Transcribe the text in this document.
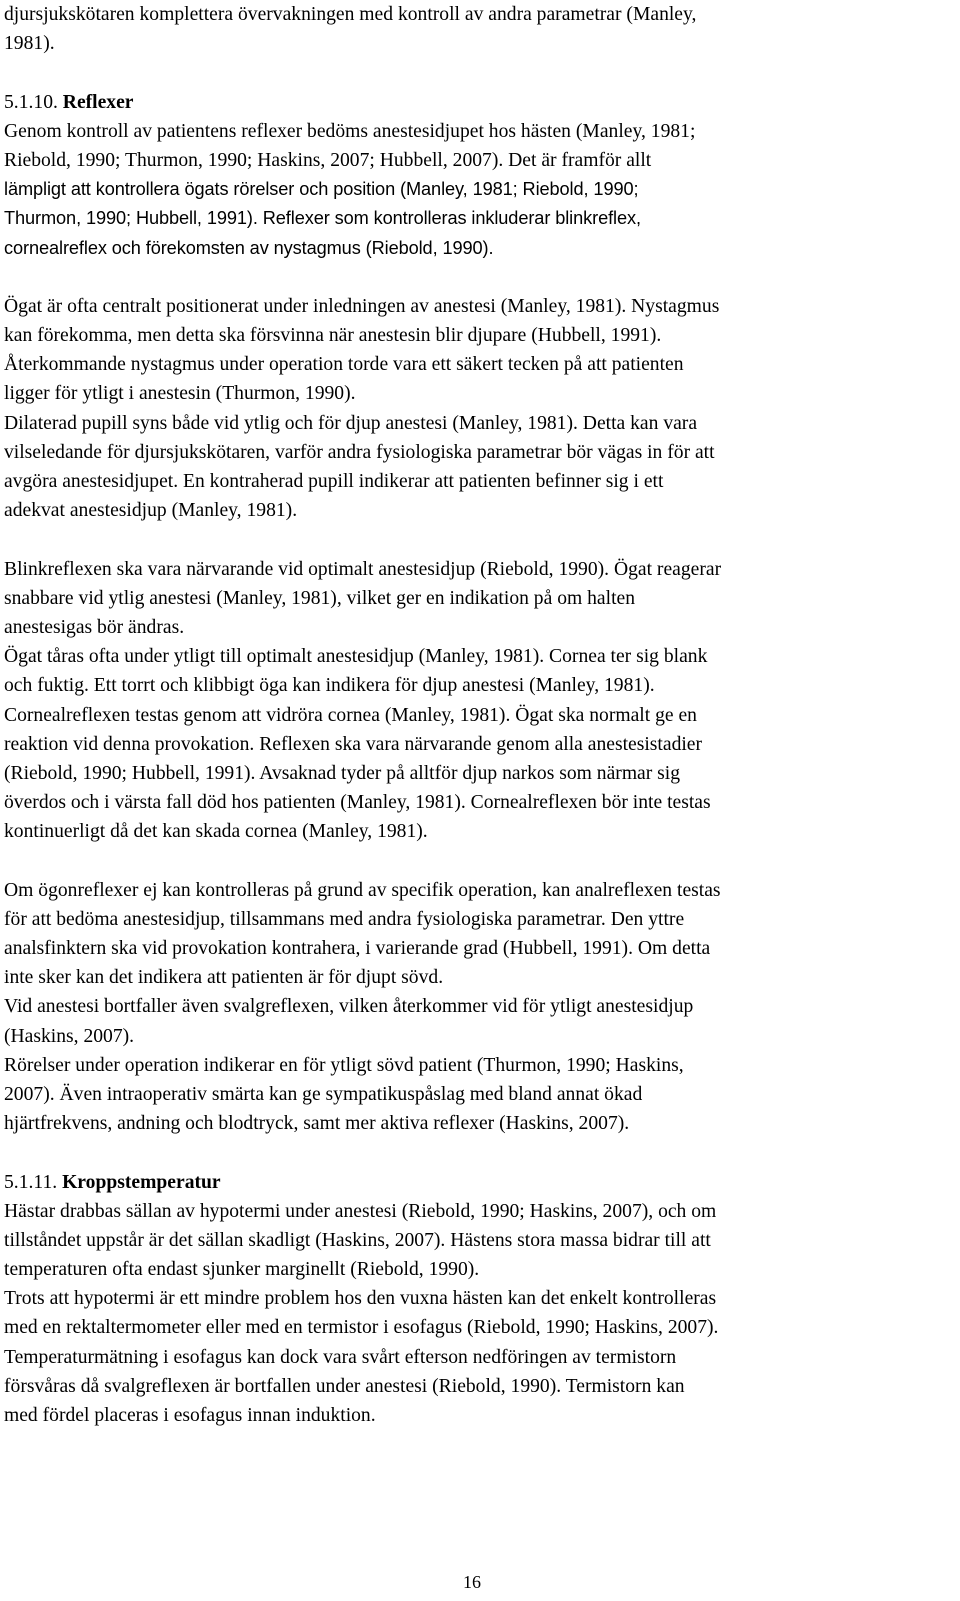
djursjukskötaren komplettera övervakningen med kontroll av andra parametrar (Manley,
1981).
5.1.10. Reflexer
Genom kontroll av patientens reflexer bedöms anestesidjupet hos hästen (Manley, 1981;
Riebold, 1990; Thurmon, 1990; Haskins, 2007; Hubbell, 2007). Det är framför allt
lämpligt att kontrollera ögats rörelser och position (Manley, 1981; Riebold, 1990;
Thurmon, 1990; Hubbell, 1991). Reflexer som kontrolleras inkluderar blinkreflex,
cornealreflex och förekomsten av nystagmus (Riebold, 1990).
Ögat är ofta centralt positionerat under inledningen av anestesi (Manley, 1981). Nystagmus
kan förekomma, men detta ska försvinna när anestesin blir djupare (Hubbell, 1991).
Återkommande nystagmus under operation torde vara ett säkert tecken på att patienten
ligger för ytligt i anestesin (Thurmon, 1990).
Dilaterad pupill syns både vid ytlig och för djup anestesi (Manley, 1981). Detta kan vara
vilseledande för djursjukskötaren, varför andra fysiologiska parametrar bör vägas in för att
avgöra anestesidjupet. En kontraherad pupill indikerar att patienten befinner sig i ett
adekvat anestesidjup (Manley, 1981).
Blinkreflexen ska vara närvarande vid optimalt anestesidjup (Riebold, 1990). Ögat reagerar
snabbare vid ytlig anestesi (Manley, 1981), vilket ger en indikation på om halten
anestesigas bör ändras.
Ögat tåras ofta under ytligt till optimalt anestesidjup (Manley, 1981). Cornea ter sig blank
och fuktig. Ett torrt och klibbigt öga kan indikera för djup anestesi (Manley, 1981).
Cornealreflexen testas genom att vidröra cornea (Manley, 1981). Ögat ska normalt ge en
reaktion vid denna provokation. Reflexen ska vara närvarande genom alla anestesistadier
(Riebold, 1990; Hubbell, 1991). Avsaknad tyder på alltför djup narkos som närmar sig
överdos och i värsta fall död hos patienten (Manley, 1981). Cornealreflexen bör inte testas
kontinuerligt då det kan skada cornea (Manley, 1981).
Om ögonreflexer ej kan kontrolleras på grund av specifik operation, kan analreflexen testas
för att bedöma anestesidjup, tillsammans med andra fysiologiska parametrar. Den yttre
analsfinktern ska vid provokation kontrahera, i varierande grad (Hubbell, 1991). Om detta
inte sker kan det indikera att patienten är för djupt sövd.
Vid anestesi bortfaller även svalgreflexen, vilken återkommer vid för ytligt anestesidjup
(Haskins, 2007).
Rörelser under operation indikerar en för ytligt sövd patient (Thurmon, 1990; Haskins,
2007). Även intraoperativ smärta kan ge sympatikuspåslag med bland annat ökad
hjärtfrekvens, andning och blodtryck, samt mer aktiva reflexer (Haskins, 2007).
5.1.11. Kroppstemperatur
Hästar drabbas sällan av hypotermi under anestesi (Riebold, 1990; Haskins, 2007), och om
tillståndet uppstår är det sällan skadligt (Haskins, 2007). Hästens stora massa bidrar till att
temperaturen ofta endast sjunker marginellt (Riebold, 1990).
Trots att hypotermi är ett mindre problem hos den vuxna hästen kan det enkelt kontrolleras
med en rektaltermometer eller med en termistor i esofagus (Riebold, 1990; Haskins, 2007).
Temperaturmätning i esofagus kan dock vara svårt efterson nedföringen av termistorn
försvåras då svalgreflexen är bortfallen under anestesi (Riebold, 1990). Termistorn kan
med fördel placeras i esofagus innan induktion.
16
